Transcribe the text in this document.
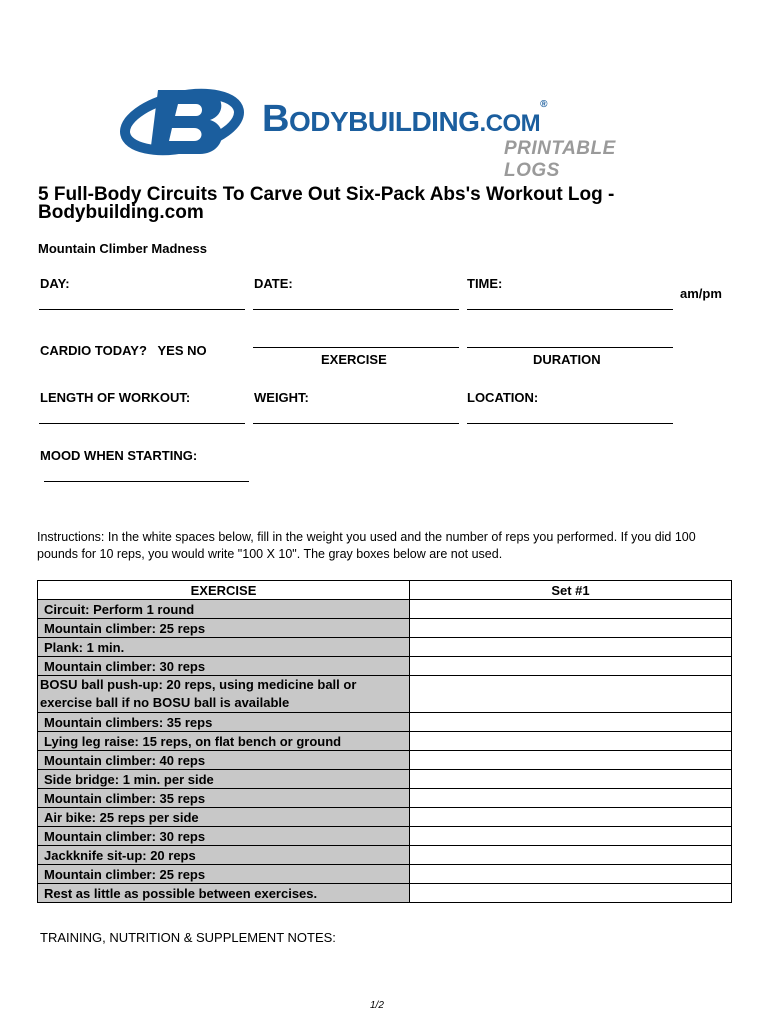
BODYBUILDING.COM®
PRINTABLE LOGS
5 Full-Body Circuits To Carve Out Six-Pack Abs's Workout Log - Bodybuilding.com
Mountain Climber Madness
DAY:	DATE:	TIME:
am/pm
CARDIO TODAY?   YES NO
EXERCISE	DURATION
LENGTH OF WORKOUT:	WEIGHT:	LOCATION:
MOOD WHEN STARTING:
Instructions: In the white spaces below, fill in the weight you used and the number of reps you performed. If you did 100 pounds for 10 reps, you would write "100 X 10". The gray boxes below are not used.
EXERCISE	Set #1
Circuit: Perform 1 round	
Mountain climber: 25 reps	
Plank: 1 min.	
Mountain climber: 30 reps	
BOSU ball push-up: 20 reps, using medicine ball or exercise ball if no BOSU ball is available	
Mountain climbers: 35 reps	
Lying leg raise: 15 reps, on flat bench or ground	
Mountain climber: 40 reps	
Side bridge: 1 min. per side	
Mountain climber: 35 reps	
Air bike: 25 reps per side	
Mountain climber: 30 reps	
Jackknife sit-up: 20 reps	
Mountain climber: 25 reps	
Rest as little as possible between exercises.	
TRAINING, NUTRITION & SUPPLEMENT NOTES:
1/2
